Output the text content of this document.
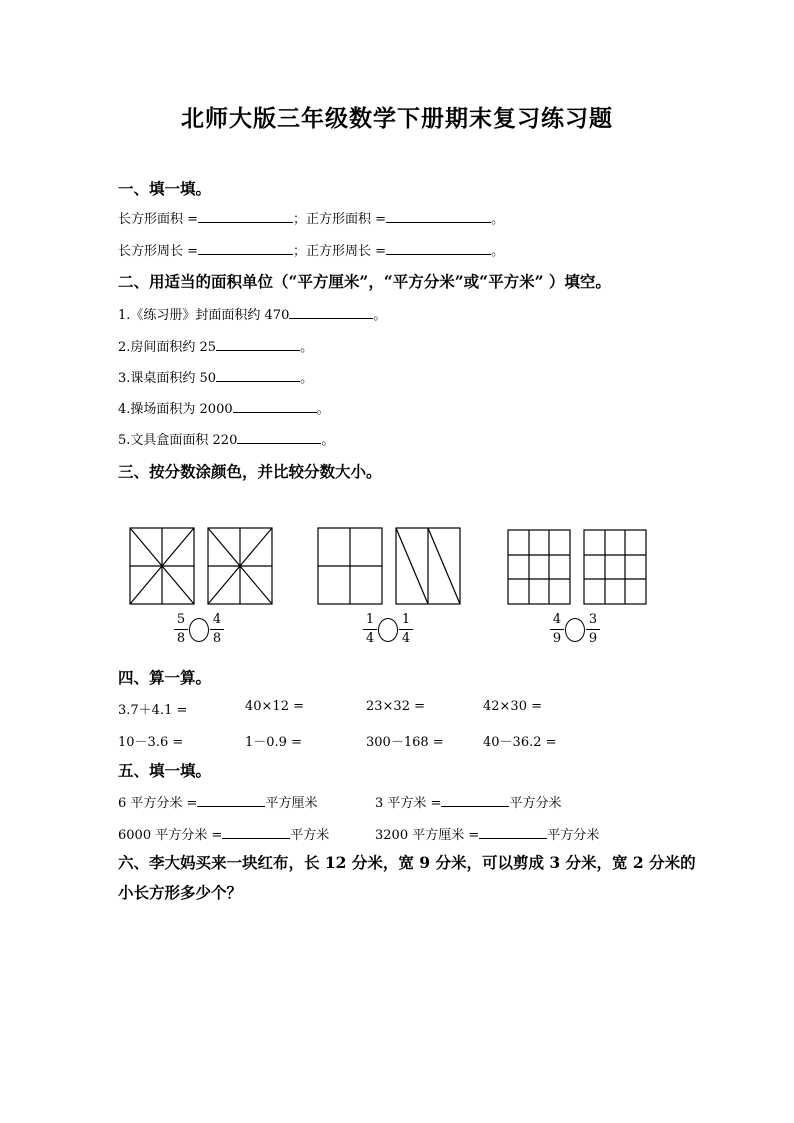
北师大版三年级数学下册期末复习练习题
一、填一填。
长方形面积 =	；正方形面积 =	。
长方形周长 =	；正方形周长 =	。
二、用适当的面积单位（“平方厘米”，“平方分米”或“平方米” ）填空。
1.《练习册》封面面积约 470	。
2.房间面积约 25	。
3.课桌面积约 50	。
4.操场面积为 2000	。
5.文具盒面面积 220	。
三、按分数涂颜色，并比较分数大小。
5
8
4
8
1
4
1
4
4
9
3
9
四、算一算。
3.7＋4.1 =	40×12 =	23×32 =	42×30 =
10－3.6 =	1－0.9 =	300－168 =	40－36.2 =
五、填一填。
6 平方分米 =	平方厘米	3 平方米 =	平方分米
6000 平方分米 =	平方米	3200 平方厘米 =	平方分米
六、李大妈买来一块红布，长 12 分米，宽 9 分米，可以剪成 3 分米，宽 2 分米的小长方形多少个？
